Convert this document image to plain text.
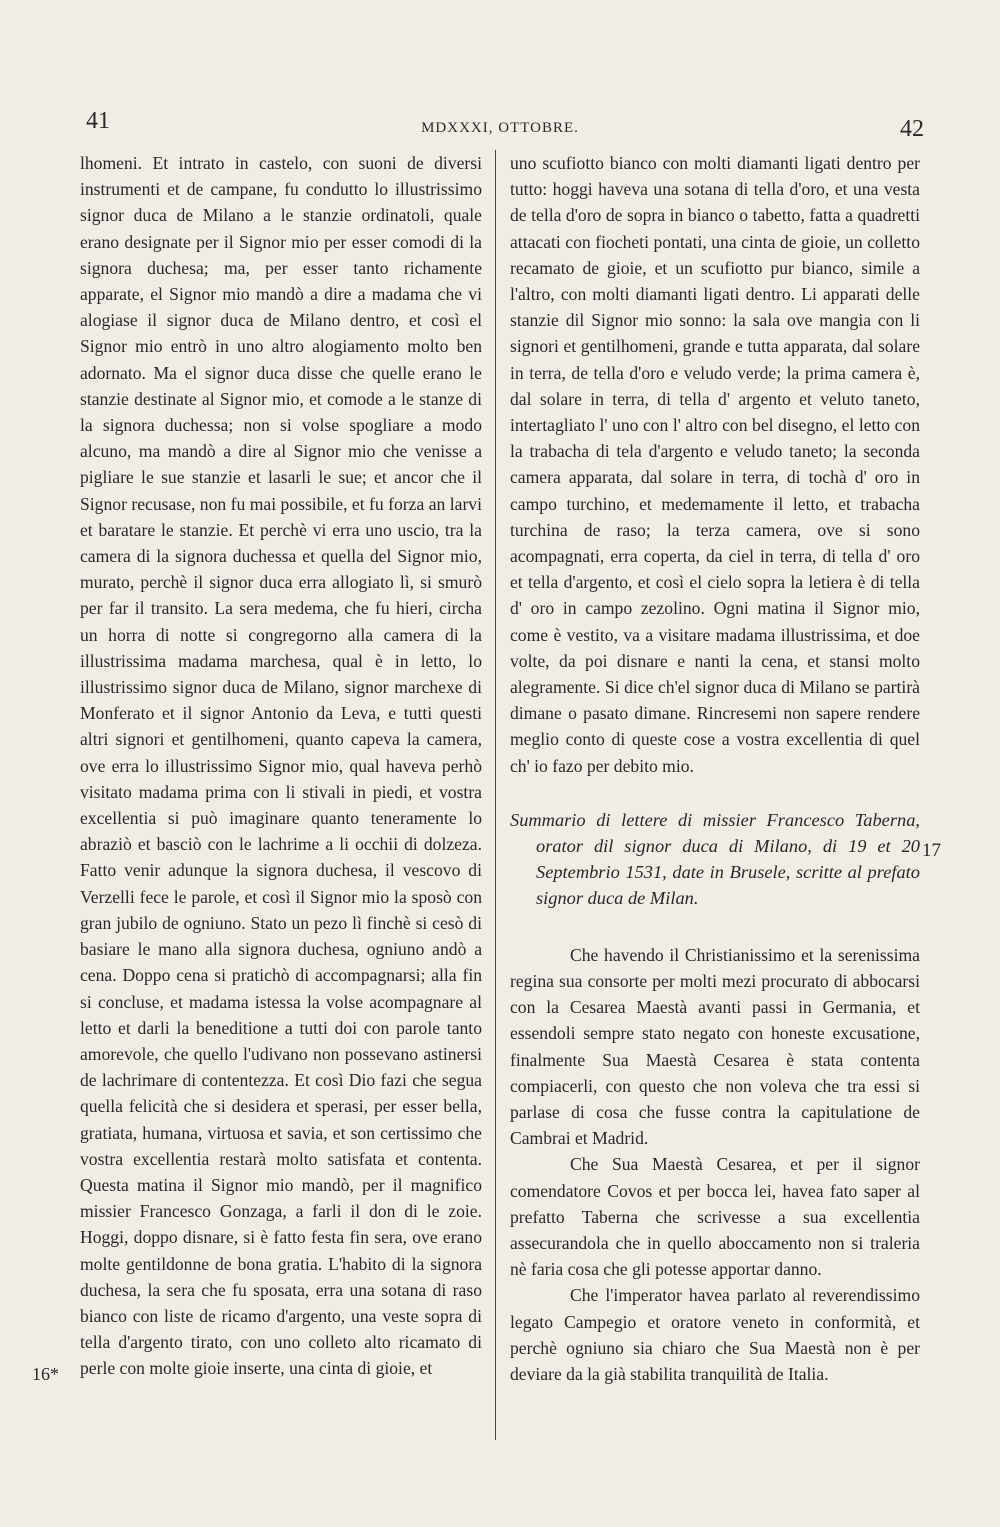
41	MDXXXI, OTTOBRE.	42

lhomeni. Et intrato in castelo, con suoni de diversi instrumenti et de campane, fu condutto lo illustrissimo signor duca de Milano a le stanzie ordinatoli, quale erano designate per il Signor mio per esser comodi di la signora duchesa; ma, per esser tanto richamente apparate, el Signor mio mandò a dire a madama che vi alogiase il signor duca de Milano dentro, et così el Signor mio entrò in uno altro alogiamento molto ben adornato. Ma el signor duca disse che quelle erano le stanzie destinate al Signor mio, et comode a le stanze di la signora duchessa; non si volse spogliare a modo alcuno, ma mandò a dire al Signor mio che venisse a pigliare le sue stanzie et lasarli le sue; et ancor che il Signor recusase, non fu mai possibile, et fu forza an larvi et baratare le stanzie. Et perchè vi erra uno uscio, tra la camera di la signora duchessa et quella del Signor mio, murato, perchè il signor duca erra allogiato lì, si smurò per far il transito. La sera medema, che fu hieri, circha un horra di notte si congregorno alla camera di la illustrissima madama marchesa, qual è in letto, lo illustrissimo signor duca de Milano, signor marchexe di Monferato et il signor Antonio da Leva, e tutti questi altri signori et gentilhomeni, quanto capeva la camera, ove erra lo illustrissimo Signor mio, qual haveva perhò visitato madama prima con li stivali in piedi, et vostra excellentia si può imaginare quanto teneramente lo abraziò et basciò con le lachrime a li occhii di dolzeza. Fatto venir adunque la signora duchesa, il vescovo di Verzelli fece le parole, et così il Signor mio la sposò con gran jubilo de ogniuno. Stato un pezo lì finchè si cesò di basiare le mano alla signora duchesa, ogniuno andò a cena. Doppo cena si pratichò di accompagnarsi; alla fin si concluse, et madama istessa la volse acompagnare al letto et darli la beneditione a tutti doi con parole tanto amorevole, che quello l'udivano non possevano astinersi de lachrimare di contentezza. Et così Dio fazi che segua quella felicità che si desidera et sperasi, per esser bella, gratiata, humana, virtuosa et savia, et son certissimo che vostra excellentia restarà molto satisfata et contenta. Questa matina il Signor mio mandò, per il magnifico missier Francesco Gonzaga, a farli il don di le zoie. Hoggi, doppo disnare, si è fatto festa fin sera, ove erano molte gentildonne de bona gratia. L'habito di la signora duchesa, la sera che fu sposata, erra una sotana di raso bianco con liste de ricamo d'argento, una veste sopra di tella d'argento tirato, con uno colleto alto ricamato di perle con molte gioie inserte, una cinta di gioie, et

uno scufiotto bianco con molti diamanti ligati dentro per tutto: hoggi haveva una sotana di tella d'oro, et una vesta de tella d'oro de sopra in bianco o tabetto, fatta a quadretti attacati con fiocheti pontati, una cinta de gioie, un colletto recamato de gioie, et un scufiotto pur bianco, simile a l'altro, con molti diamanti ligati dentro. Li apparati delle stanzie dil Signor mio sonno: la sala ove mangia con li signori et gentilhomeni, grande e tutta apparata, dal solare in terra, de tella d'oro e veludo verde; la prima camera è, dal solare in terra, di tella d' argento et veluto taneto, intertagliato l' uno con l' altro con bel disegno, el letto con la trabacha di tela d'argento e veludo taneto; la seconda camera apparata, dal solare in terra, di tochà d' oro in campo turchino, et medemamente il letto, et trabacha turchina de raso; la terza camera, ove si sono acompagnati, erra coperta, da ciel in terra, di tella d' oro et tella d'argento, et così el cielo sopra la letiera è di tella d' oro in campo zezolino. Ogni matina il Signor mio, come è vestito, va a visitare madama illustrissima, et doe volte, da poi disnare e nanti la cena, et stansi molto alegramente. Si dice ch'el signor duca di Milano se partirà dimane o pasato dimane. Rincresemi non sapere rendere meglio conto di queste cose a vostra excellentia di quel ch' io fazo per debito mio.

Summario di lettere di missier Francesco Taberna, orator dil signor duca di Milano, di 19 et 20 Septembrio 1531, date in Brusele, scritte al prefato signor duca de Milan.

Che havendo il Christianissimo et la serenissima regina sua consorte per molti mezi procurato di abbocarsi con la Cesarea Maestà avanti passi in Germania, et essendoli sempre stato negato con honeste excusatione, finalmente Sua Maestà Cesarea è stata contenta compiacerli, con questo che non voleva che tra essi si parlase di cosa che fusse contra la capitulatione de Cambrai et Madrid.

Che Sua Maestà Cesarea, et per il signor comendatore Covos et per bocca lei, havea fato saper al prefatto Taberna che scrivesse a sua excellentia assecurandola che in quello aboccamento non si traleria nè faria cosa che gli potesse apportar danno.

Che l'imperator havea parlato al reverendissimo legato Campegio et oratore veneto in conformità, et perchè ogniuno sia chiaro che Sua Maestà non è per deviare da la già stabilita tranquilità de Italia.

16*
17
